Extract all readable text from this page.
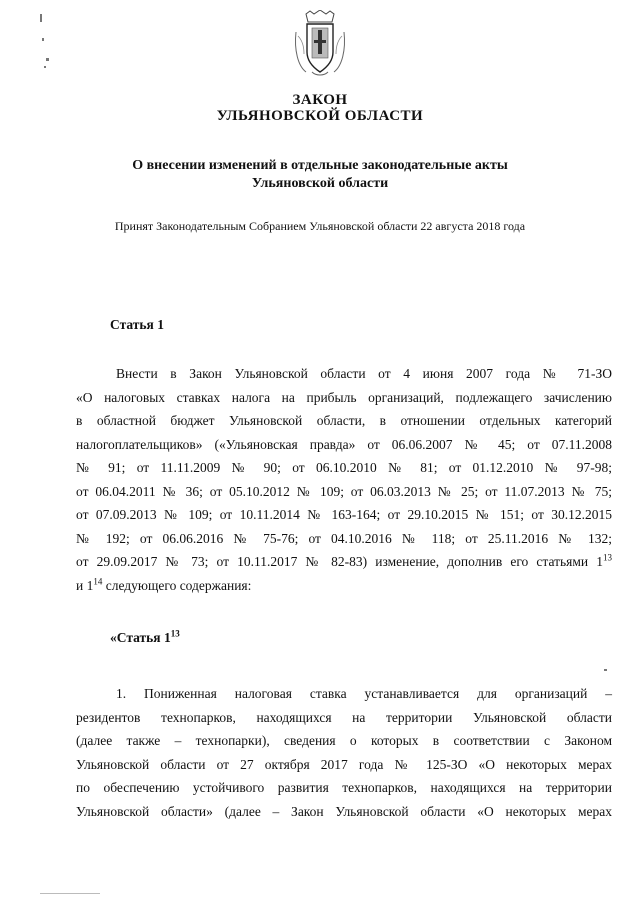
ЗАКОН
УЛЬЯНОВСКОЙ ОБЛАСТИ
О внесении изменений в отдельные законодательные акты
Ульяновской области
Принят Законодательным Собранием Ульяновской области 22 августа 2018 года
Статья 1
Внести в Закон Ульяновской области от 4 июня 2007 года № 71-ЗО
«О налоговых ставках налога на прибыль организаций, подлежащего зачислению
в областной бюджет Ульяновской области, в отношении отдельных категорий
налогоплательщиков» («Ульяновская правда» от 06.06.2007 № 45; от 07.11.2008
№ 91; от 11.11.2009 № 90; от 06.10.2010 № 81; от 01.12.2010 № 97-98;
от 06.04.2011 № 36; от 05.10.2012 № 109; от 06.03.2013 № 25; от 11.07.2013 № 75;
от 07.09.2013 № 109; от 10.11.2014 № 163-164; от 29.10.2015 № 151; от 30.12.2015
№ 192; от 06.06.2016 № 75-76; от 04.10.2016 № 118; от 25.11.2016 № 132;
от 29.09.2017 № 73; от 10.11.2017 № 82-83) изменение, дополнив его статьями $1^{13}$
и $1^{14}$ следующего содержания:
«Статья $1^{13}$
1. Пониженная налоговая ставка устанавливается для организаций –
резидентов технопарков, находящихся на территории Ульяновской области
(далее также – технопарки), сведения о которых в соответствии с Законом
Ульяновской области от 27 октября 2017 года № 125-ЗО «О некоторых мерах
по обеспечению устойчивого развития технопарков, находящихся на территории
Ульяновской области» (далее – Закон Ульяновской области «О некоторых мерах
